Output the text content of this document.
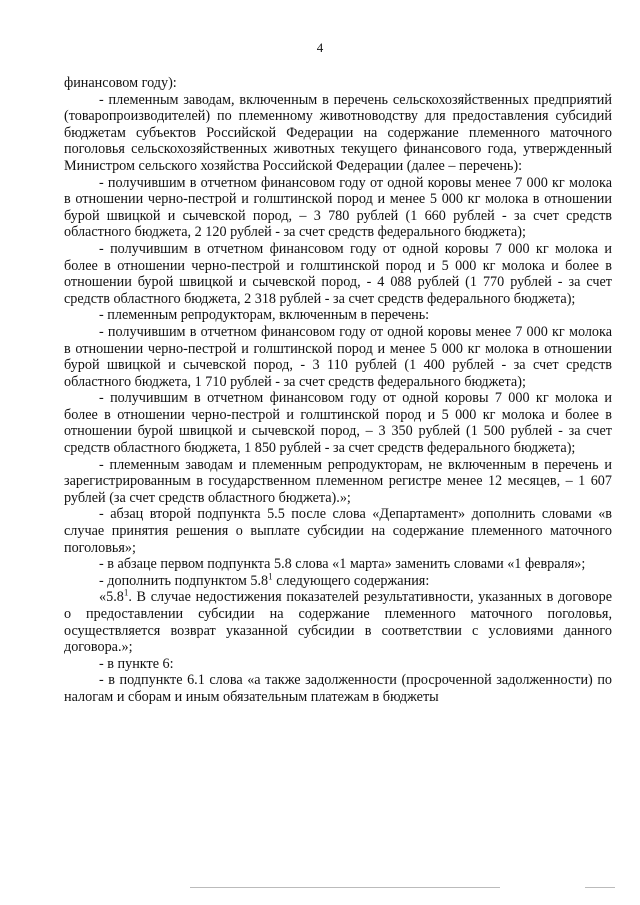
4

финансовом году):

- племенным заводам, включенным в перечень сельскохозяйственных предприятий (товаропроизводителей) по племенному животноводству для предоставления субсидий бюджетам субъектов Российской Федерации на содержание племенного маточного поголовья сельскохозяйственных животных текущего финансового года, утвержденный Министром сельского хозяйства Российской Федерации (далее – перечень):

- получившим в отчетном финансовом году от одной коровы менее 7 000 кг молока в отношении черно-пестрой и голштинской пород и менее 5 000 кг молока в отношении бурой швицкой и сычевской пород, – 3 780 рублей (1 660 рублей - за счет средств областного бюджета, 2 120 рублей - за счет средств федерального бюджета);

- получившим в отчетном финансовом году от одной коровы 7 000 кг молока и более в отношении черно-пестрой и голштинской пород и 5 000 кг молока и более в отношении бурой швицкой и сычевской пород, - 4 088 рублей (1 770 рублей - за счет средств областного бюджета, 2 318 рублей - за счет средств федерального бюджета);

- племенным репродукторам, включенным в перечень:

- получившим в отчетном финансовом году от одной коровы менее 7 000 кг молока в отношении черно-пестрой и голштинской пород и менее 5 000 кг молока в отношении бурой швицкой и сычевской пород, - 3 110 рублей (1 400 рублей - за счет средств областного бюджета, 1 710 рублей - за счет средств федерального бюджета);

- получившим в отчетном финансовом году от одной коровы 7 000 кг молока и более в отношении черно-пестрой и голштинской пород и 5 000 кг молока и более в отношении бурой швицкой и сычевской пород, – 3 350 рублей (1 500 рублей - за счет средств областного бюджета, 1 850 рублей - за счет средств федерального бюджета);

- племенным заводам и племенным репродукторам, не включенным в перечень и зарегистрированным в государственном племенном регистре менее 12 месяцев, – 1 607 рублей (за счет средств областного бюджета).»;

- абзац второй подпункта 5.5 после слова «Департамент» дополнить словами «в случае принятия решения о выплате субсидии на содержание племенного маточного поголовья»;

- в абзаце первом подпункта 5.8 слова «1 марта» заменить словами «1 февраля»;

- дополнить подпунктом $5.8^1$ следующего содержания:

«$5.8^1$. В случае недостижения показателей результативности, указанных в договоре о предоставлении субсидии на содержание племенного маточного поголовья, осуществляется возврат указанной субсидии в соответствии с условиями данного договора.»;

- в пункте 6:

- в подпункте 6.1 слова «а также задолженности (просроченной задолженности) по налогам и сборам и иным обязательным платежам в бюджеты
